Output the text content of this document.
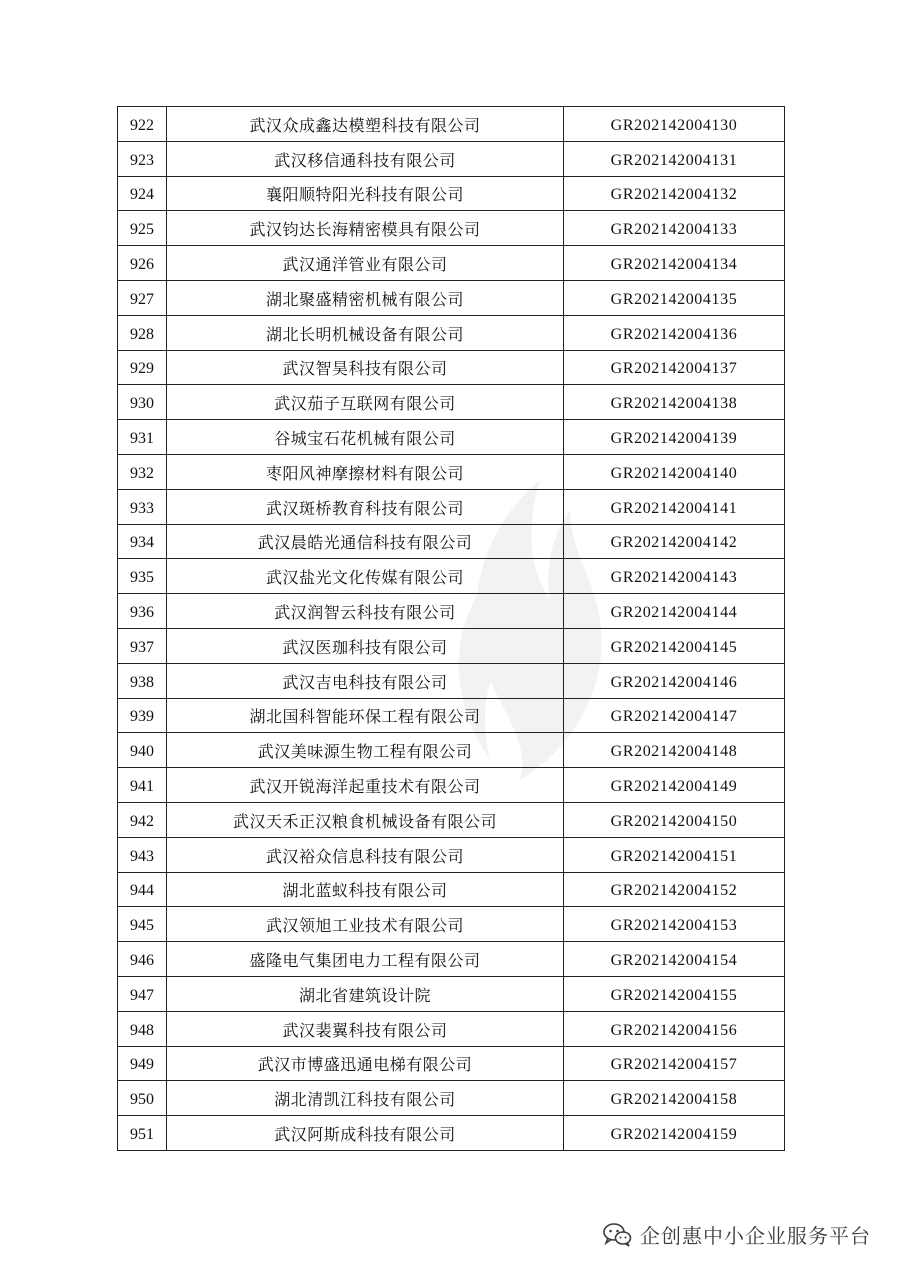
922	武汉众成鑫达模塑科技有限公司	GR202142004130
923	武汉移信通科技有限公司	GR202142004131
924	襄阳顺特阳光科技有限公司	GR202142004132
925	武汉钧达长海精密模具有限公司	GR202142004133
926	武汉通洋管业有限公司	GR202142004134
927	湖北聚盛精密机械有限公司	GR202142004135
928	湖北长明机械设备有限公司	GR202142004136
929	武汉智昊科技有限公司	GR202142004137
930	武汉茄子互联网有限公司	GR202142004138
931	谷城宝石花机械有限公司	GR202142004139
932	枣阳风神摩擦材料有限公司	GR202142004140
933	武汉斑桥教育科技有限公司	GR202142004141
934	武汉晨皓光通信科技有限公司	GR202142004142
935	武汉盐光文化传媒有限公司	GR202142004143
936	武汉润智云科技有限公司	GR202142004144
937	武汉医珈科技有限公司	GR202142004145
938	武汉吉电科技有限公司	GR202142004146
939	湖北国科智能环保工程有限公司	GR202142004147
940	武汉美味源生物工程有限公司	GR202142004148
941	武汉开锐海洋起重技术有限公司	GR202142004149
942	武汉天禾正汉粮食机械设备有限公司	GR202142004150
943	武汉裕众信息科技有限公司	GR202142004151
944	湖北蓝蚁科技有限公司	GR202142004152
945	武汉领旭工业技术有限公司	GR202142004153
946	盛隆电气集团电力工程有限公司	GR202142004154
947	湖北省建筑设计院	GR202142004155
948	武汉裴翼科技有限公司	GR202142004156
949	武汉市博盛迅通电梯有限公司	GR202142004157
950	湖北清凯江科技有限公司	GR202142004158
951	武汉阿斯成科技有限公司	GR202142004159
企创惠中小企业服务平台
